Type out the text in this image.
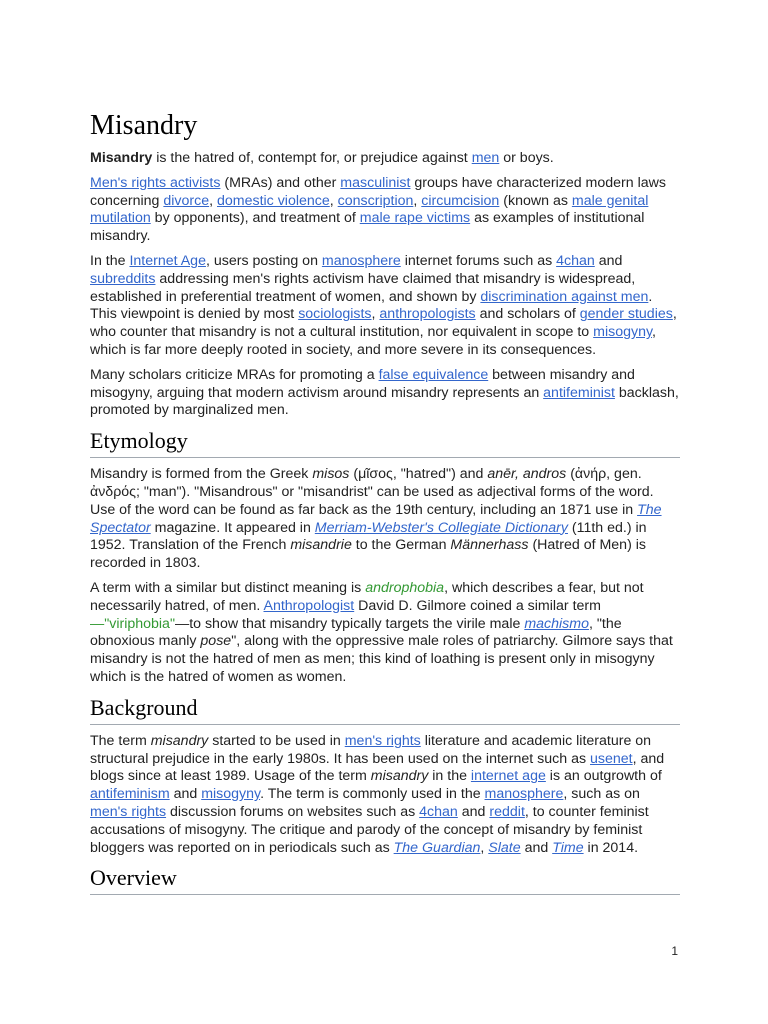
Misandry

Misandry is the hatred of, contempt for, or prejudice against men or boys.

Men's rights activists (MRAs) and other masculinist groups have characterized modern laws concerning divorce, domestic violence, conscription, circumcision (known as male genital mutilation by opponents), and treatment of male rape victims as examples of institutional misandry.

In the Internet Age, users posting on manosphere internet forums such as 4chan and subreddits addressing men's rights activism have claimed that misandry is widespread, established in preferential treatment of women, and shown by discrimination against men. This viewpoint is denied by most sociologists, anthropologists and scholars of gender studies, who counter that misandry is not a cultural institution, nor equivalent in scope to misogyny, which is far more deeply rooted in society, and more severe in its consequences.

Many scholars criticize MRAs for promoting a false equivalence between misandry and misogyny, arguing that modern activism around misandry represents an antifeminist backlash, promoted by marginalized men.

Etymology

Misandry is formed from the Greek misos (μῖσος, "hatred") and anēr, andros (ἀνήρ, gen. ἀνδρός; "man"). "Misandrous" or "misandrist" can be used as adjectival forms of the word. Use of the word can be found as far back as the 19th century, including an 1871 use in The Spectator magazine. It appeared in Merriam-Webster's Collegiate Dictionary (11th ed.) in 1952. Translation of the French misandrie to the German Männerhass (Hatred of Men) is recorded in 1803.

A term with a similar but distinct meaning is androphobia, which describes a fear, but not necessarily hatred, of men. Anthropologist David D. Gilmore coined a similar term —"viriphobia"—to show that misandry typically targets the virile male machismo, "the obnoxious manly pose", along with the oppressive male roles of patriarchy. Gilmore says that misandry is not the hatred of men as men; this kind of loathing is present only in misogyny which is the hatred of women as women.

Background

The term misandry started to be used in men's rights literature and academic literature on structural prejudice in the early 1980s. It has been used on the internet such as usenet, and blogs since at least 1989. Usage of the term misandry in the internet age is an outgrowth of antifeminism and misogyny. The term is commonly used in the manosphere, such as on men's rights discussion forums on websites such as 4chan and reddit, to counter feminist accusations of misogyny. The critique and parody of the concept of misandry by feminist bloggers was reported on in periodicals such as The Guardian, Slate and Time in 2014.

Overview
1
